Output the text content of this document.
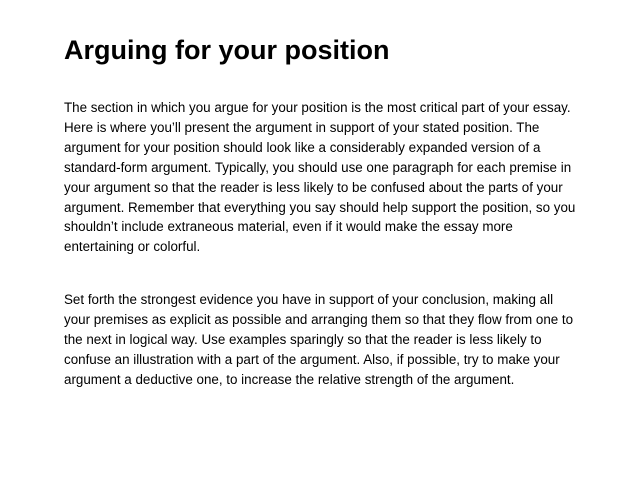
Arguing for your position

The section in which you argue for your position is the most critical part of your essay. Here is where you’ll present the argument in support of your stated position. The argument for your position should look like a considerably expanded version of a standard-form argument. Typically, you should use one paragraph for each premise in your argument so that the reader is less likely to be confused about the parts of your argument. Remember that everything you say should help support the position, so you shouldn’t include extraneous material, even if it would make the essay more entertaining or colorful.

Set forth the strongest evidence you have in support of your conclusion, making all your premises as explicit as possible and arranging them so that they flow from one to the next in logical way. Use examples sparingly so that the reader is less likely to confuse an illustration with a part of the argument. Also, if possible, try to make your argument a deductive one, to increase the relative strength of the argument.
